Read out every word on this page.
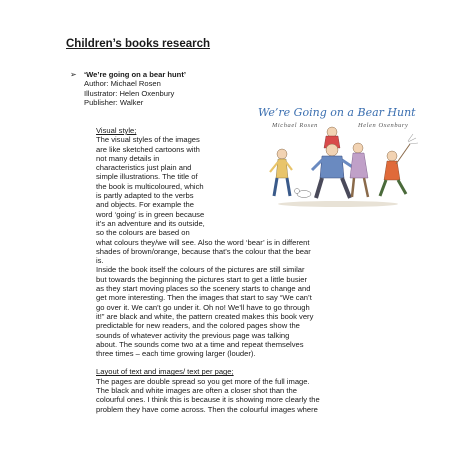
Children’s books research
➢ ‘We’re going on a bear hunt’
Author: Michael Rosen
Illustrator: Helen Oxenbury
Publisher: Walker
We’re Going on a Bear Hunt
Michael Rosen	Helen Oxenbury

Visual style;

The visual styles of the images
are like sketched cartoons with
not many details in
characteristics just plain and
simple illustrations. The title of
the book is multicoloured, which
is partly adapted to the verbs
and objects. For example the
word ‘going’ is in green because
it’s an adventure and its outside,
so the colours are based on

what colours they/we will see. Also the word ‘bear’ is in different

shades of brown/orange, because that’s the colour that the bear

is.

Inside the book itself the colours of the pictures are still similar

but towards the beginning the pictures start to get a little busier

as they start moving places so the scenery starts to change and

get more interesting. Then the images that start to say “We can’t

go over it. We can’t go under it. Oh no! We’ll have to go through

it!” are black and white, the pattern created makes this book very

predictable for new readers, and the colored pages show the

sounds of whatever activity the previous page was talking

about. The sounds come two at a time and repeat themselves

three times – each time growing larger (louder).

Layout of text and images/ text per page;

The pages are double spread so you get more of the full image.

The black and white images are often a closer shot than the

colourful ones. I think this is because it is showing more clearly the

problem they have come across. Then the colourful images where
